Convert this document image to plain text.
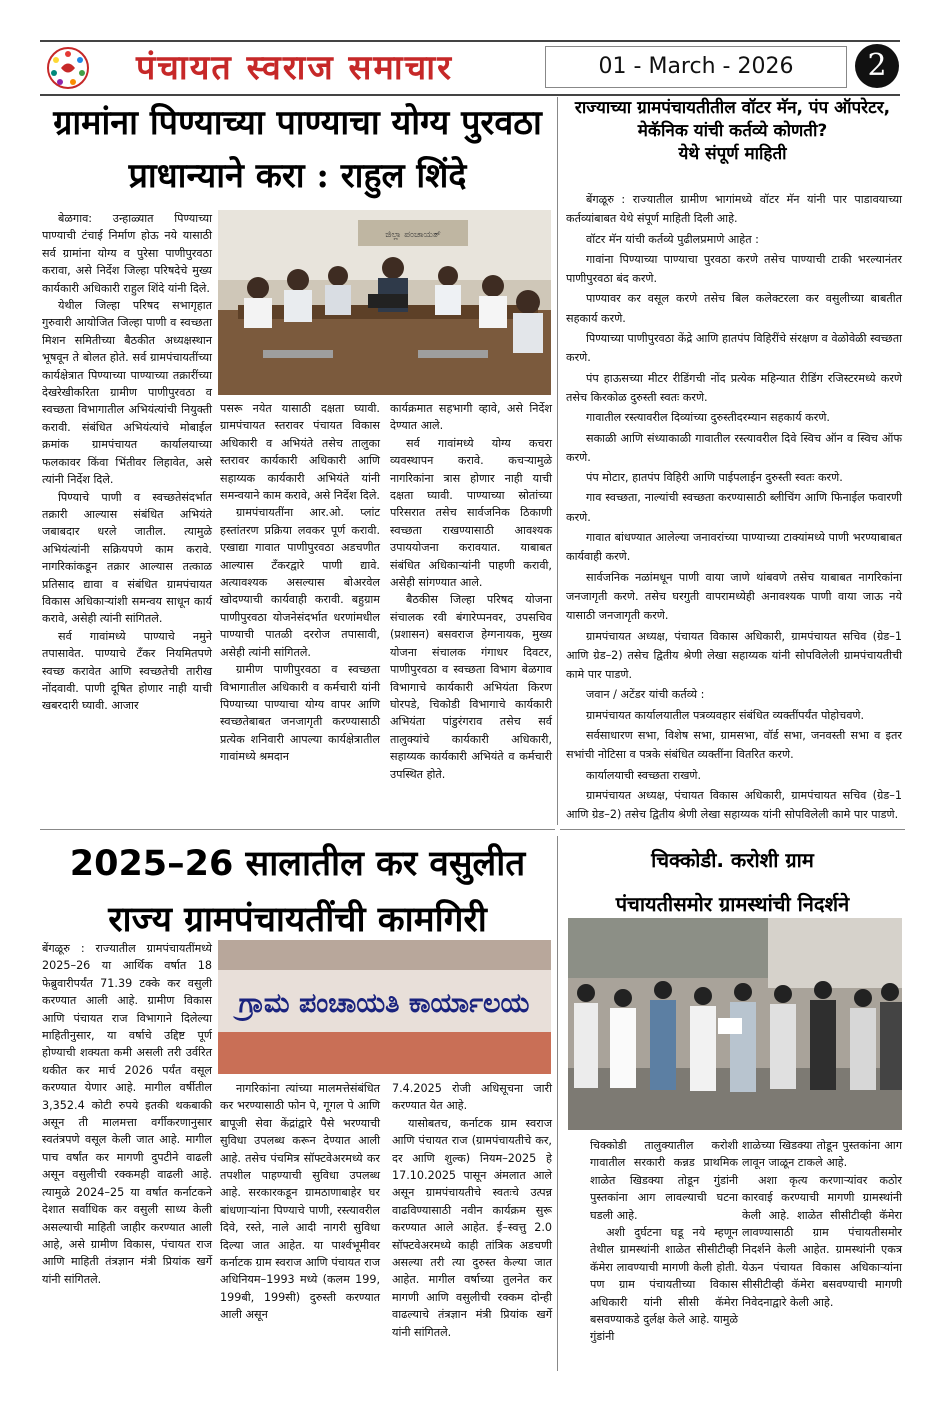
पंचायत स्वराज समाचार	01 - March - 2026	2
ग्रामांना पिण्याच्या पाण्याचा योग्य पुरवठा प्राधान्याने करा : राहुल शिंदे

बेळगाव: उन्हाळ्यात पिण्याच्या पाण्याची टंचाई निर्माण होऊ नये यासाठी सर्व ग्रामांना योग्य व पुरेसा पाणीपुरवठा करावा, असे निर्देश जिल्हा परिषदेचे मुख्य कार्यकारी अधिकारी राहुल शिंदे यांनी दिले.

येथील जिल्हा परिषद सभागृहात गुरुवारी आयोजित जिल्हा पाणी व स्वच्छता मिशन समितीच्या बैठकीत अध्यक्षस्थान भूषवून ते बोलत होते. सर्व ग्रामपंचायतींच्या कार्यक्षेत्रात पिण्याच्या पाण्याच्या तक्रारींच्या देखरेखीकरिता ग्रामीण पाणीपुरवठा व स्वच्छता विभागातील अभियंत्यांची नियुक्ती करावी. संबंधित अभियंत्यांचे मोबाईल क्रमांक ग्रामपंचायत कार्यालयाच्या फलकावर किंवा भिंतीवर लिहावेत, असे त्यांनी निर्देश दिले.

पिण्याचे पाणी व स्वच्छतेसंदर्भात तक्रारी आल्यास संबंधित अभियंते जबाबदार धरले जातील. त्यामुळे अभियंत्यांनी सक्रियपणे काम करावे. नागरिकांकडून तक्रार आल्यास तत्काळ प्रतिसाद द्यावा व संबंधित ग्रामपंचायत विकास अधिकाऱ्यांशी समन्वय साधून कार्य करावे, असेही त्यांनी सांगितले.

सर्व गावांमध्ये पाण्याचे नमुने तपासावेत. पाण्याचे टँकर नियमितपणे स्वच्छ करावेत आणि स्वच्छतेची तारीख नोंदवावी. पाणी दूषित होणार नाही याची खबरदारी घ्यावी. आजार

ಜಿಲ್ಲಾ ಪಂಚಾಯತ್

पसरू नयेत यासाठी दक्षता घ्यावी. ग्रामपंचायत स्तरावर पंचायत विकास अधिकारी व अभियंते तसेच तालुका स्तरावर कार्यकारी अधिकारी आणि सहाय्यक कार्यकारी अभियंते यांनी समन्वयाने काम करावे, असे निर्देश दिले.

ग्रामपंचायतींना आर.ओ. प्लांट हस्तांतरण प्रक्रिया लवकर पूर्ण करावी. एखाद्या गावात पाणीपुरवठा अडचणीत आल्यास टँकरद्वारे पाणी द्यावे. अत्यावश्यक असल्यास बोअरवेल खोदण्याची कार्यवाही करावी. बहुग्राम पाणीपुरवठा योजनेसंदर्भात धरणांमधील पाण्याची पातळी दररोज तपासावी, असेही त्यांनी सांगितले.

ग्रामीण पाणीपुरवठा व स्वच्छता विभागातील अधिकारी व कर्मचारी यांनी पिण्याच्या पाण्याचा योग्य वापर आणि स्वच्छतेबाबत जनजागृती करण्यासाठी प्रत्येक शनिवारी आपल्या कार्यक्षेत्रातील गावांमध्ये श्रमदान

कार्यक्रमात सहभागी व्हावे, असे निर्देश देण्यात आले.

सर्व गावांमध्ये योग्य कचरा व्यवस्थापन करावे. कचऱ्यामुळे नागरिकांना त्रास होणार नाही याची दक्षता घ्यावी. पाण्याच्या स्रोतांच्या परिसरात तसेच सार्वजनिक ठिकाणी स्वच्छता राखण्यासाठी आवश्यक उपाययोजना करावयात. याबाबत संबंधित अधिकाऱ्यांनी पाहणी करावी, असेही सांगण्यात आले.

बैठकीस जिल्हा परिषद योजना संचालक रवी बंगारेप्पनवर, उपसचिव (प्रशासन) बसवराज हेग्गनायक, मुख्य योजना संचालक गंगाधर दिवटर, पाणीपुरवठा व स्वच्छता विभाग बेळगाव विभागाचे कार्यकारी अभियंता किरण घोरपडे, चिकोडी विभागाचे कार्यकारी अभियंता पांडुरंगराव तसेच सर्व तालुक्यांचे कार्यकारी अधिकारी, सहाय्यक कार्यकारी अभियंते व कर्मचारी उपस्थित होते.

राज्याच्या ग्रामपंचायतीतील वॉटर मॅन, पंप ऑपरेटर, मेकॅनिक यांची कर्तव्ये कोणती?
येथे संपूर्ण माहिती

बेंगळूरु : राज्यातील ग्रामीण भागांमध्ये वॉटर मॅन यांनी पार पाडावयाच्या कर्तव्यांबाबत येथे संपूर्ण माहिती दिली आहे.

वॉटर मॅन यांची कर्तव्ये पुढीलप्रमाणे आहेत :

गावांना पिण्याच्या पाण्याचा पुरवठा करणे तसेच पाण्याची टाकी भरल्यानंतर पाणीपुरवठा बंद करणे.

पाण्यावर कर वसूल करणे तसेच बिल कलेक्टरला कर वसुलीच्या बाबतीत सहकार्य करणे.

पिण्याच्या पाणीपुरवठा केंद्रे आणि हातपंप विहिरींचे संरक्षण व वेळोवेळी स्वच्छता करणे.

पंप हाऊसच्या मीटर रीडिंगची नोंद प्रत्येक महिन्यात रीडिंग रजिस्टरमध्ये करणे तसेच किरकोळ दुरुस्ती स्वतः करणे.

गावातील रस्त्यावरील दिव्यांच्या दुरुस्तीदरम्यान सहकार्य करणे.

सकाळी आणि संध्याकाळी गावातील रस्त्यावरील दिवे स्विच ऑन व स्विच ऑफ करणे.

पंप मोटार, हातपंप विहिरी आणि पाईपलाईन दुरुस्ती स्वतः करणे.

गाव स्वच्छता, नाल्यांची स्वच्छता करण्यासाठी ब्लीचिंग आणि फिनाईल फवारणी करणे.

गावात बांधण्यात आलेल्या जनावरांच्या पाण्याच्या टाक्यांमध्ये पाणी भरण्याबाबत कार्यवाही करणे.

सार्वजनिक नळांमधून पाणी वाया जाणे थांबवणे तसेच याबाबत नागरिकांना जनजागृती करणे. तसेच घरगुती वापरामध्येही अनावश्यक पाणी वाया जाऊ नये यासाठी जनजागृती करणे.

ग्रामपंचायत अध्यक्ष, पंचायत विकास अधिकारी, ग्रामपंचायत सचिव (ग्रेड–1 आणि ग्रेड–2) तसेच द्वितीय श्रेणी लेखा सहाय्यक यांनी सोपविलेली ग्रामपंचायतीची कामे पार पाडणे.

जवान / अटेंडर यांची कर्तव्ये :

ग्रामपंचायत कार्यालयातील पत्रव्यवहार संबंधित व्यक्तींपर्यंत पोहोचवणे.

सर्वसाधारण सभा, विशेष सभा, ग्रामसभा, वॉर्ड सभा, जनवस्ती सभा व इतर सभांची नोटिसा व पत्रके संबंधित व्यक्तींना वितरित करणे.

कार्यालयाची स्वच्छता राखणे.

ग्रामपंचायत अध्यक्ष, पंचायत विकास अधिकारी, ग्रामपंचायत सचिव (ग्रेड–1 आणि ग्रेड–2) तसेच द्वितीय श्रेणी लेखा सहाय्यक यांनी सोपविलेली कामे पार पाडणे.

2025–26 सालातील कर वसुलीत राज्य ग्रामपंचायतींची कामगिरी

बेंगळूरु : राज्यातील ग्रामपंचायतींमध्ये 2025–26 या आर्थिक वर्षात 18 फेब्रुवारीपर्यंत 71.39 टक्के कर वसुली करण्यात आली आहे. ग्रामीण विकास आणि पंचायत राज विभागाने दिलेल्या माहितीनुसार, या वर्षाचे उद्दिष्ट पूर्ण होण्याची शक्यता कमी असली तरी उर्वरित थकीत कर मार्च 2026 पर्यंत वसूल करण्यात येणार आहे. मागील वर्षीतील 3,352.4 कोटी रुपये इतकी थकबाकी असून ती मालमत्ता वर्गीकरणानुसार स्वतंत्रपणे वसूल केली जात आहे. मागील पाच वर्षांत कर मागणी दुपटीने वाढली असून वसुलीची रक्कमही वाढली आहे. त्यामुळे 2024–25 या वर्षात कर्नाटकने देशात सर्वाधिक कर वसुली साध्य केली असल्याची माहिती जाहीर करण्यात आली आहे, असे ग्रामीण विकास, पंचायत राज आणि माहिती तंत्रज्ञान मंत्री प्रियांक खर्गे यांनी सांगितले.

ಗ್ರಾಮ ಪಂಚಾಯತಿ ಕಾರ್ಯಾಲಯ

नागरिकांना त्यांच्या मालमत्तेसंबंधित कर भरण्यासाठी फोन पे, गूगल पे आणि बापूजी सेवा केंद्रांद्वारे पैसे भरण्याची सुविधा उपलब्ध करून देण्यात आली आहे. तसेच पंचमित्र सॉफ्टवेअरमध्ये कर तपशील पाहण्याची सुविधा उपलब्ध आहे. सरकारकडून ग्रामठाणाबाहेर घर बांधणाऱ्यांना पिण्याचे पाणी, रस्त्यावरील दिवे, रस्ते, नाले आदी नागरी सुविधा दिल्या जात आहेत. या पार्श्वभूमीवर कर्नाटक ग्राम स्वराज आणि पंचायत राज अधिनियम–1993 मध्ये (कलम 199, 199बी, 199सी) दुरुस्ती करण्यात आली असून

7.4.2025 रोजी अधिसूचना जारी करण्यात येत आहे.

यासोबतच, कर्नाटक ग्राम स्वराज आणि पंचायत राज (ग्रामपंचायतीचे कर, दर आणि शुल्क) नियम–2025 हे 17.10.2025 पासून अंमलात आले असून ग्रामपंचायतीचे स्वतःचे उत्पन्न वाढविण्यासाठी नवीन कार्यक्रम सुरू करण्यात आले आहेत. ई–स्वत्तु 2.0 सॉफ्टवेअरमध्ये काही तांत्रिक अडचणी असल्या तरी त्या दुरुस्त केल्या जात आहेत. मागील वर्षाच्या तुलनेत कर मागणी आणि वसुलीची रक्कम दोन्ही वाढल्याचे तंत्रज्ञान मंत्री प्रियांक खर्गे यांनी सांगितले.

चिक्कोडी. करोशी ग्राम
पंचायतीसमोर ग्रामस्थांची निदर्शने

चिक्कोडी तालुक्यातील करोशी गावातील सरकारी कन्नड प्राथमिक शाळेत खिडक्या तोडून गुंडांनी पुस्तकांना आग लावल्याची घटना घडली आहे.

अशी दुर्घटना घडू नये म्हणून तेथील ग्रामस्थांनी शाळेत सीसीटीव्ही कॅमेरा लावण्याची मागणी केली होती. पण ग्राम पंचायतीच्या विकास अधिकारी यांनी सीसी कॅमेरा बसवण्याकडे दुर्लक्ष केले आहे. यामुळे गुंडांनी

शाळेच्या खिडक्या तोडून पुस्तकांना आग लावून जाळून टाकले आहे.

अशा कृत्य करणाऱ्यांवर कठोर कारवाई करण्याची मागणी ग्रामस्थांनी केली आहे. शाळेत सीसीटीव्ही कॅमेरा लावण्यासाठी ग्राम पंचायतीसमोर निदर्शने केली आहेत. ग्रामस्थांनी एकत्र येऊन पंचायत विकास अधिकाऱ्यांना सीसीटीव्ही कॅमेरा बसवण्याची मागणी निवेदनाद्वारे केली आहे.
